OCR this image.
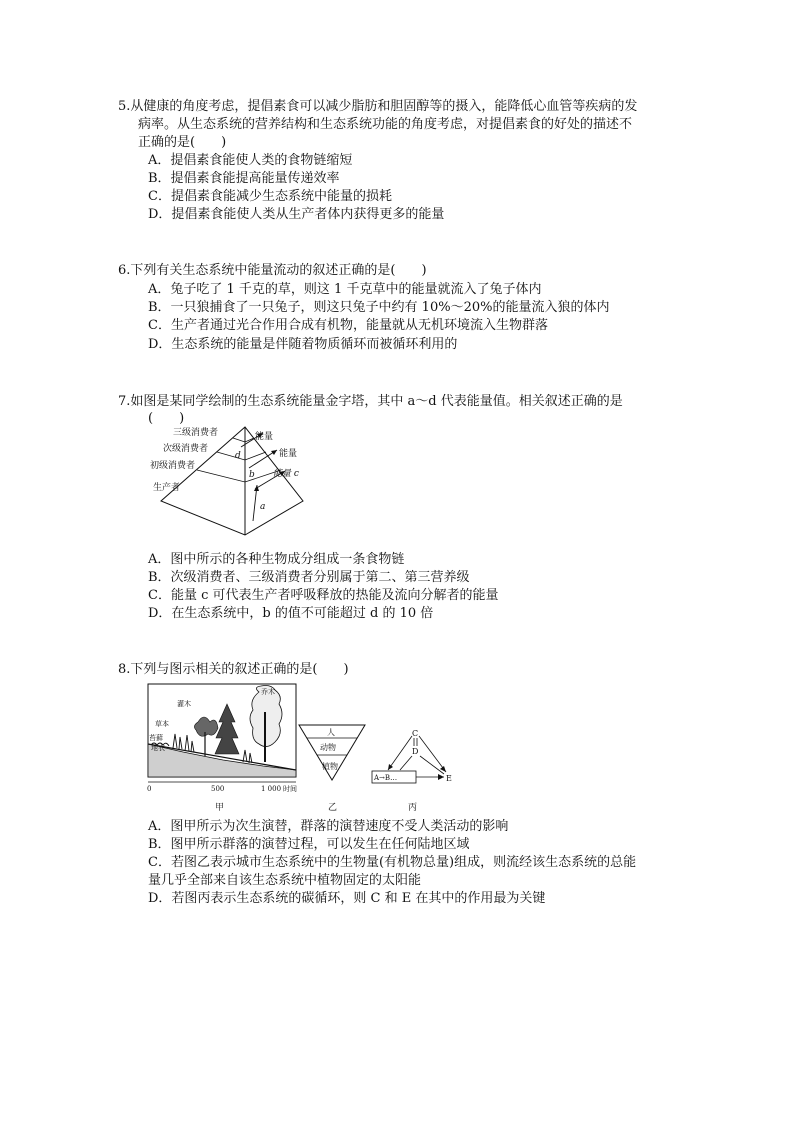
5.从健康的角度考虑，提倡素食可以减少脂肪和胆固醇等的摄入，能降低心血管等疾病的发
病率。从生态系统的营养结构和生态系统功能的角度考虑，对提倡素食的好处的描述不
正确的是(　　)
A．提倡素食能使人类的食物链缩短
B．提倡素食能提高能量传递效率
C．提倡素食能减少生态系统中能量的损耗
D．提倡素食能使人类从生产者体内获得更多的能量
6.下列有关生态系统中能量流动的叙述正确的是(　　)
A．兔子吃了 1 千克的草，则这 1 千克草中的能量就流入了兔子体内
B．一只狼捕食了一只兔子，则这只兔子中约有 10%～20%的能量流入狼的体内
C．生产者通过光合作用合成有机物，能量就从无机环境流入生物群落
D．生态系统的能量是伴随着物质循环而被循环利用的
7.如图是某同学绘制的生态系统能量金字塔，其中 a～d 代表能量值。相关叙述正确的是
(　　)
三级消费者
次级消费者
初级消费者
生产者
能量
能量
能量 c
a
b
d
A．图中所示的各种生物成分组成一条食物链
B．次级消费者、三级消费者分别属于第二、第三营养级
C．能量 c 可代表生产者呼吸释放的热能及流向分解者的能量
D．在生态系统中，b 的值不可能超过 d 的 10 倍
8.下列与图示相关的叙述正确的是(　　)
乔木
灌木
草本
苔藓
地衣
0	500	1 000 时间
甲
人
动物
植物
乙
C
D
A→B…	E
丙
A．图甲所示为次生演替，群落的演替速度不受人类活动的影响
B．图甲所示群落的演替过程，可以发生在任何陆地区域
C．若图乙表示城市生态系统中的生物量(有机物总量)组成，则流经该生态系统的总能
量几乎全部来自该生态系统中植物固定的太阳能
D．若图丙表示生态系统的碳循环，则 C 和 E 在其中的作用最为关键
